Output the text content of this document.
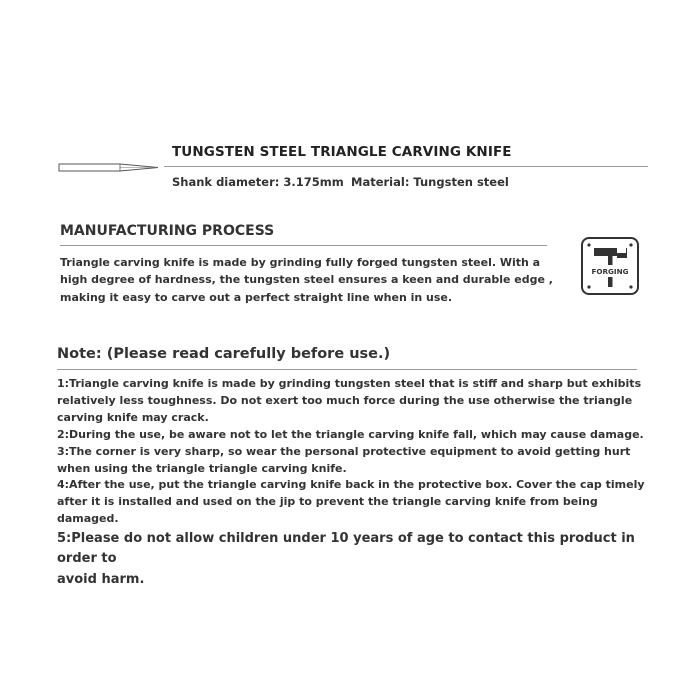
TUNGSTEN STEEL TRIANGLE CARVING KNIFE
Shank diameter: 3.175mm Material: Tungsten steel
MANUFACTURING PROCESS
Triangle carving knife is made by grinding fully forged tungsten steel. With a
high degree of hardness, the tungsten steel ensures a keen and durable edge ,
making it easy to carve out a perfect straight line when in use.
FORGING
Note: (Please read carefully before use.)

1:Triangle carving knife is made by grinding tungsten steel that is stiff and sharp but exhibits

relatively less toughness. Do not exert too much force during the use otherwise the triangle

carving knife may crack.

2:During the use, be aware not to let the triangle carving knife fall, which may cause damage.

3:The corner is very sharp, so wear the personal protective equipment to avoid getting hurt

when using the triangle triangle carving knife.

4:After the use, put the triangle carving knife back in the protective box. Cover the cap timely

after it is installed and used on the jip to prevent the triangle carving knife from being damaged.

5:Please do not allow children under 10 years of age to contact this product in order to

avoid harm.
